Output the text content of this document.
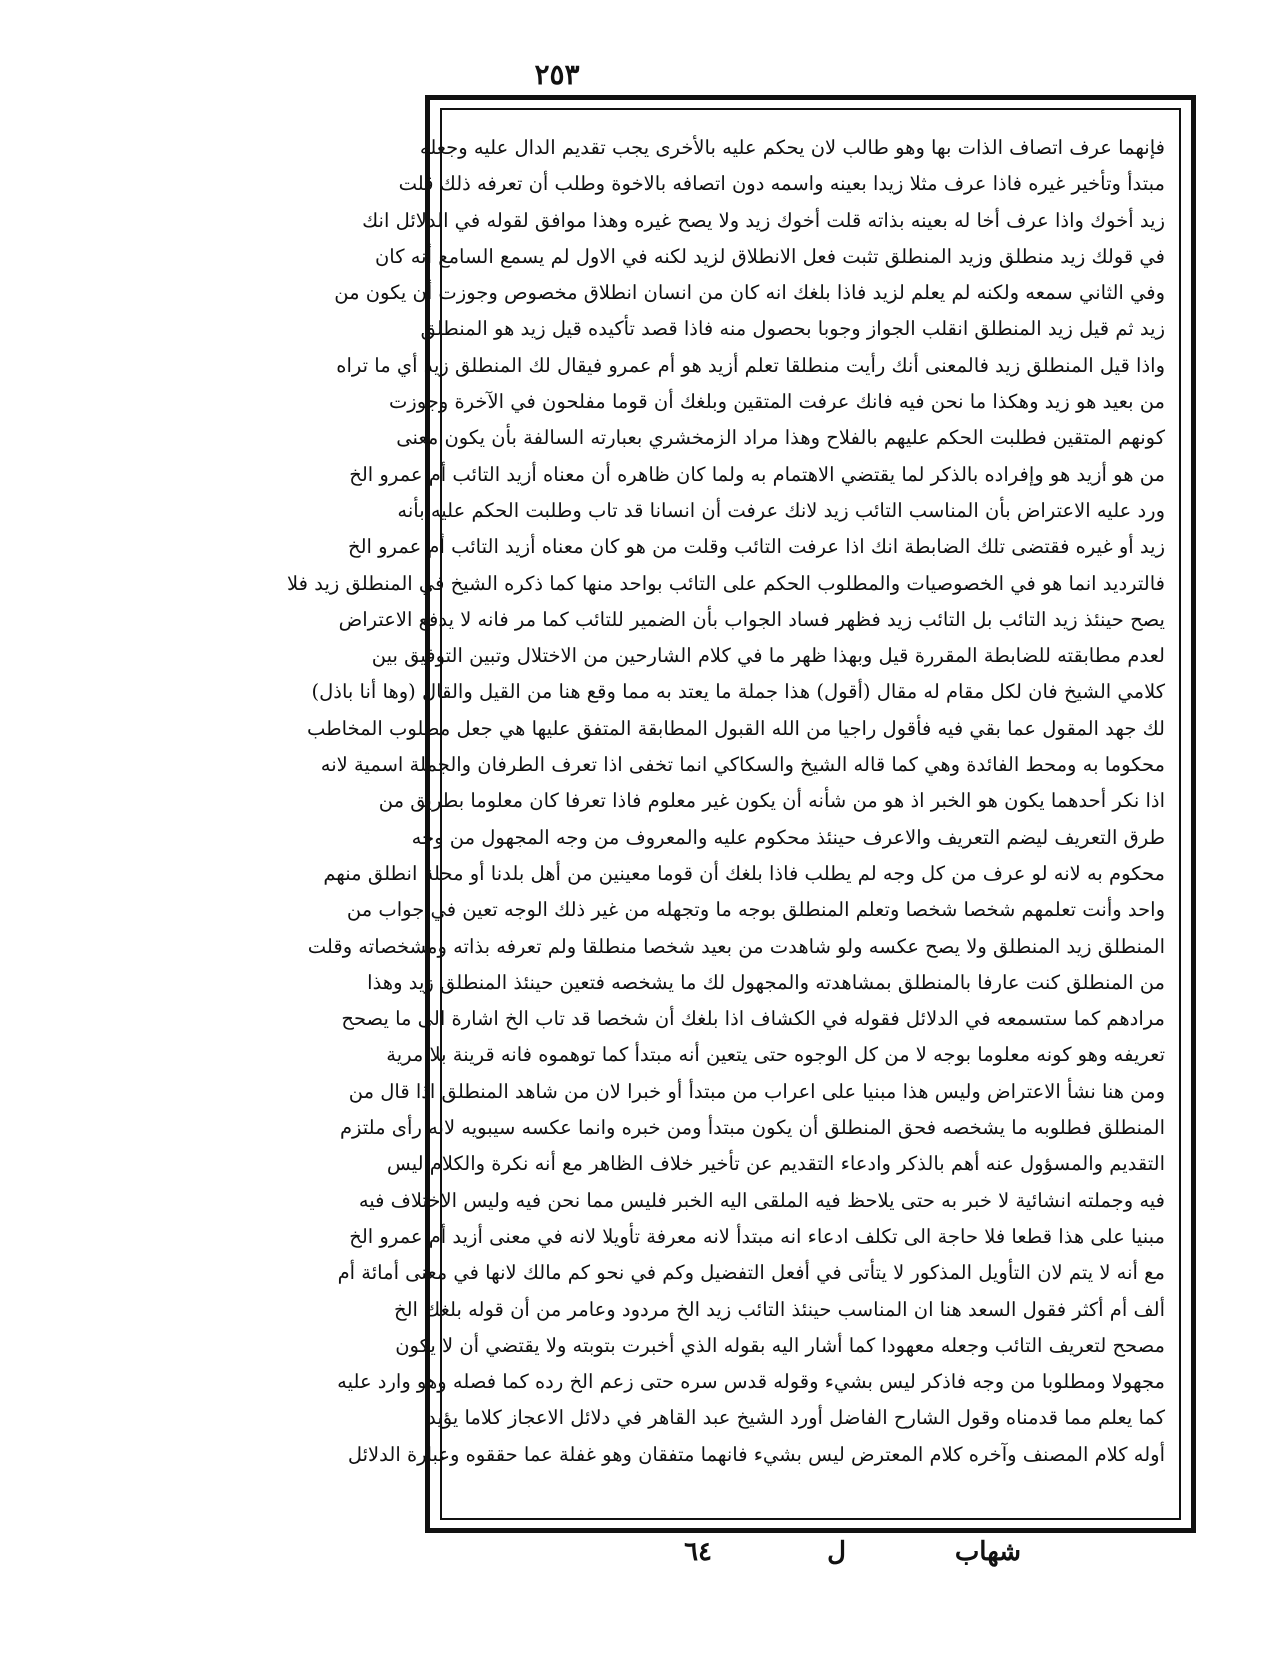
٢٥٣
فإنهما عرف اتصاف الذات بها وهو طالب لان يحكم عليه بالأخرى يجب تقديم الدال عليه وجعله
مبتدأ وتأخير غيره فاذا عرف مثلا زيدا بعينه واسمه دون اتصافه بالاخوة وطلب أن تعرفه ذلك قلت
زيد أخوك واذا عرف أخا له بعينه بذاته قلت أخوك زيد ولا يصح غيره وهذا موافق لقوله في الدلائل انك
في قولك زيد منطلق وزيد المنطلق تثبت فعل الانطلاق لزيد لكنه في الاول لم يسمع السامع أنه كان
وفي الثاني سمعه ولكنه لم يعلم لزيد فاذا بلغك انه كان من انسان انطلاق مخصوص وجوزت أن يكون من
زيد ثم قيل زيد المنطلق انقلب الجواز وجوبا بحصول منه فاذا قصد تأكيده قيل زيد هو المنطلق
واذا قيل المنطلق زيد فالمعنى أنك رأيت منطلقا تعلم أزيد هو أم عمرو فيقال لك المنطلق زيد أي ما تراه
من بعيد هو زيد وهكذا ما نحن فيه فانك عرفت المتقين وبلغك أن قوما مفلحون في الآخرة وجوزت
كونهم المتقين فطلبت الحكم عليهم بالفلاح وهذا مراد الزمخشري بعبارته السالفة بأن يكون معنى
من هو أزيد هو وإفراده بالذكر لما يقتضي الاهتمام به ولما كان ظاهره أن معناه أزيد التائب أم عمرو الخ
ورد عليه الاعتراض بأن المناسب التائب زيد لانك عرفت أن انسانا قد تاب وطلبت الحكم عليه بأنه
زيد أو غيره فقتضى تلك الضابطة انك اذا عرفت التائب وقلت من هو كان معناه أزيد التائب أم عمرو الخ
فالترديد انما هو في الخصوصيات والمطلوب الحكم على التائب بواحد منها كما ذكره الشيخ في المنطلق زيد فلا
يصح حينئذ زيد التائب بل التائب زيد فظهر فساد الجواب بأن الضمير للتائب كما مر فانه لا يدفع الاعتراض
لعدم مطابقته للضابطة المقررة قيل وبهذا ظهر ما في كلام الشارحين من الاختلال وتبين التوفيق بين
كلامي الشيخ فان لكل مقام له مقال (أقول) هذا جملة ما يعتد به مما وقع هنا من القيل والقال (وها أنا باذل)
لك جهد المقول عما بقي فيه فأقول راجيا من الله القبول المطابقة المتفق عليها هي جعل مطلوب المخاطب
محكوما به ومحط الفائدة وهي كما قاله الشيخ والسكاكي انما تخفى اذا تعرف الطرفان والجملة اسمية لانه
اذا نكر أحدهما يكون هو الخبر اذ هو من شأنه أن يكون غير معلوم فاذا تعرفا كان معلوما بطريق من
طرق التعريف ليضم التعريف والاعرف حينئذ محكوم عليه والمعروف من وجه المجهول من وجه
محكوم به لانه لو عرف من كل وجه لم يطلب فاذا بلغك أن قوما معينين من أهل بلدنا أو محلة انطلق منهم
واحد وأنت تعلمهم شخصا شخصا وتعلم المنطلق بوجه ما وتجهله من غير ذلك الوجه تعين في جواب من
المنطلق زيد المنطلق ولا يصح عكسه ولو شاهدت من بعيد شخصا منطلقا ولم تعرفه بذاته ومشخصاته وقلت
من المنطلق كنت عارفا بالمنطلق بمشاهدته والمجهول لك ما يشخصه فتعين حينئذ المنطلق زيد وهذا
مرادهم كما ستسمعه في الدلائل فقوله في الكشاف اذا بلغك أن شخصا قد تاب الخ اشارة الى ما يصحح
تعريفه وهو كونه معلوما بوجه لا من كل الوجوه حتى يتعين أنه مبتدأ كما توهموه فانه قرينة بلا مرية
ومن هنا نشأ الاعتراض وليس هذا مبنيا على اعراب من مبتدأ أو خبرا لان من شاهد المنطلق اذا قال من
المنطلق فطلوبه ما يشخصه فحق المنطلق أن يكون مبتدأ ومن خبره وانما عكسه سيبويه لانه رأى ملتزم
التقديم والمسؤول عنه أهم بالذكر وادعاء التقديم عن تأخير خلاف الظاهر مع أنه نكرة والكلام ليس
فيه وجملته انشائية لا خبر به حتى يلاحظ فيه الملقى اليه الخبر فليس مما نحن فيه وليس الاختلاف فيه
مبنيا على هذا قطعا فلا حاجة الى تكلف ادعاء انه مبتدأ لانه معرفة تأويلا لانه في معنى أزيد أم عمرو الخ
مع أنه لا يتم لان التأويل المذكور لا يتأتى في أفعل التفضيل وكم في نحو كم مالك لانها في معنى أمائة أم
ألف أم أكثر فقول السعد هنا ان المناسب حينئذ التائب زيد الخ مردود وعامر من أن قوله بلغك الخ
مصحح لتعريف التائب وجعله معهودا كما أشار اليه بقوله الذي أخبرت بتوبته ولا يقتضي أن لا يكون
مجهولا ومطلوبا من وجه فاذكر ليس بشيء وقوله قدس سره حتى زعم الخ رده كما فصله وهو وارد عليه
كما يعلم مما قدمناه وقول الشارح الفاضل أورد الشيخ عبد القاهر في دلائل الاعجاز كلاما يؤيد
أوله كلام المصنف وآخره كلام المعترض ليس بشيء فانهما متفقان وهو غفلة عما حققوه وعبارة الدلائل
شهاب
ل
٦٤
